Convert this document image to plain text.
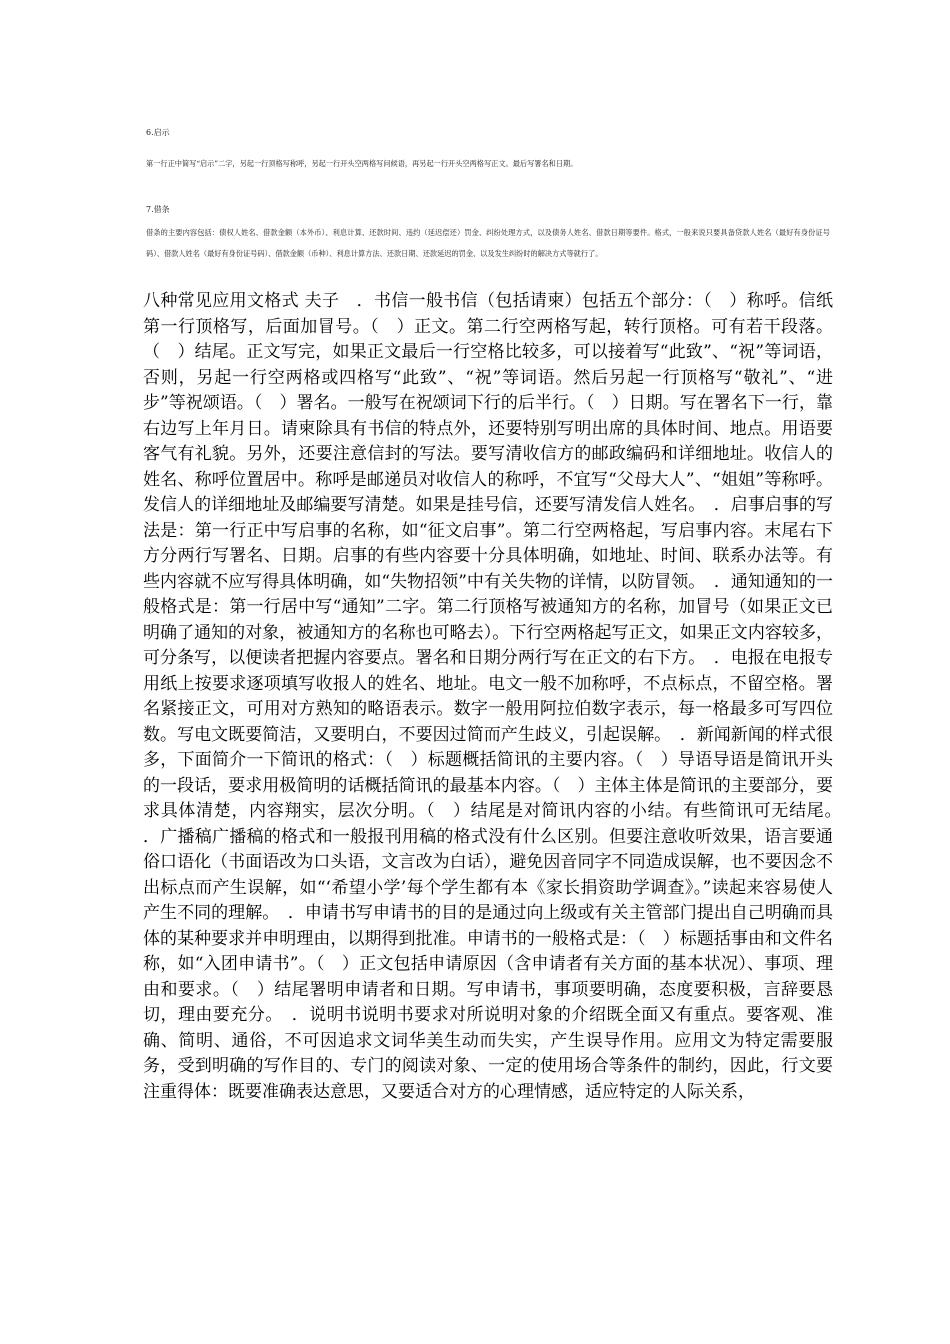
6.启示

第一行正中简写“启示”二字，另起一行顶格写称呼，另起一行开头空两格写问候语，再另起一行开头空两格写正文。最后写署名和日期。

7.借条

借条的主要内容包括：债权人姓名、借款金额（本外币）、利息计算、还款时间、违约（延迟偿还）罚金、纠纷处理方式，以及债务人姓名、借款日期等要件。格式，一般来说只要具备贷款人姓名（最好有身份证号码）、借款人姓名（最好有身份证号码）、借款金额（币种）、利息计算方法、还款日期、还款延迟的罚金、以及发生纠纷时的解决方式等就行了。

八种常见应用文格式 夫子　．书信一般书信（包括请柬）包括五个部分：（　）称呼。信纸第一行顶格写，后面加冒号。（　）正文。第二行空两格写起，转行顶格。可有若干段落。（　）结尾。正文写完，如果正文最后一行空格比较多，可以接着写“此致”、“祝”等词语，否则，另起一行空两格或四格写“此致”、“祝”等词语。然后另起一行顶格写“敬礼”、“进步”等祝颂语。（　）署名。一般写在祝颂词下行的后半行。（　）日期。写在署名下一行，靠右边写上年月日。请柬除具有书信的特点外，还要特别写明出席的具体时间、地点。用语要客气有礼貌。另外，还要注意信封的写法。要写清收信方的邮政编码和详细地址。收信人的姓名、称呼位置居中。称呼是邮递员对收信人的称呼，不宜写“父母大人”、“姐姐”等称呼。发信人的详细地址及邮编要写清楚。如果是挂号信，还要写清发信人姓名。　．启事启事的写法是：第一行正中写启事的名称，如“征文启事”。第二行空两格起，写启事内容。末尾右下方分两行写署名、日期。启事的有些内容要十分具体明确，如地址、时间、联系办法等。有些内容就不应写得具体明确，如“失物招领”中有关失物的详情，以防冒领。　．通知通知的一般格式是：第一行居中写“通知”二字。第二行顶格写被通知方的名称，加冒号（如果正文已明确了通知的对象，被通知方的名称也可略去）。下行空两格起写正文，如果正文内容较多，可分条写，以便读者把握内容要点。署名和日期分两行写在正文的右下方。　．电报在电报专用纸上按要求逐项填写收报人的姓名、地址。电文一般不加称呼，不点标点，不留空格。署名紧接正文，可用对方熟知的略语表示。数字一般用阿拉伯数字表示，每一格最多可写四位数。写电文既要简洁，又要明白，不要因过简而产生歧义，引起误解。　．新闻新闻的样式很多，下面简介一下简讯的格式：（　）标题概括简讯的主要内容。（　）导语导语是简讯开头的一段话，要求用极简明的话概括简讯的最基本内容。（　）主体主体是简讯的主要部分，要求具体清楚，内容翔实，层次分明。（　）结尾是对简讯内容的小结。有些简讯可无结尾。　．广播稿广播稿的格式和一般报刊用稿的格式没有什么区别。但要注意收听效果，语言要通俗口语化（书面语改为口头语，文言改为白话），避免因音同字不同造成误解，也不要因念不出标点而产生误解，如“‘希望小学’每个学生都有本《家长捐资助学调查》。”读起来容易使人产生不同的理解。　．申请书写申请书的目的是通过向上级或有关主管部门提出自己明确而具体的某种要求并申明理由，以期得到批准。申请书的一般格式是：（　）标题括事由和文件名称，如“入团申请书”。（　）正文包括申请原因（含申请者有关方面的基本状况）、事项、理由和要求。（　）结尾署明申请者和日期。写申请书，事项要明确，态度要积极，言辞要恳切，理由要充分。　．说明书说明书要求对所说明对象的介绍既全面又有重点。要客观、准确、简明、通俗，不可因追求文词华美生动而失实，产生误导作用。应用文为特定需要服务，受到明确的写作目的、专门的阅读对象、一定的使用场合等条件的制约，因此，行文要注重得体：既要准确表达意思，又要适合对方的心理情感，适应特定的人际关系，
